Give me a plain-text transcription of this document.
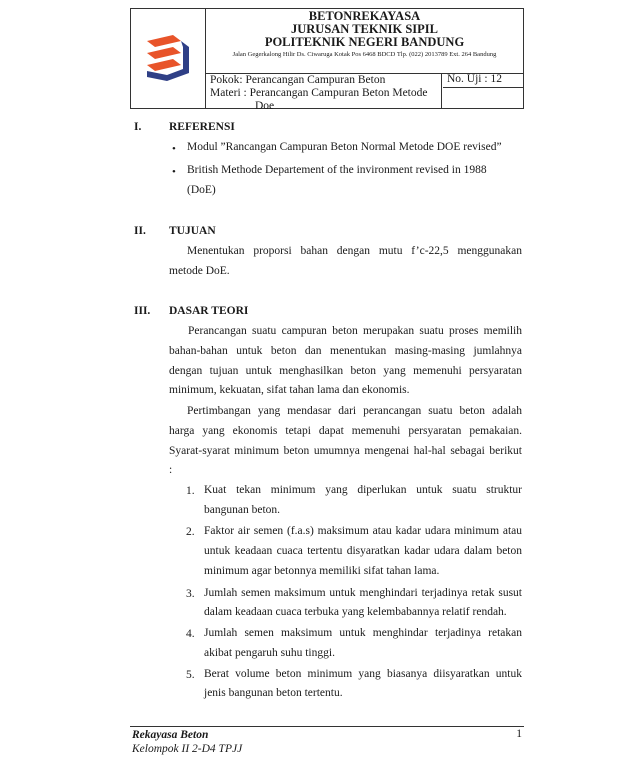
BETONREKAYASA
JURUSAN TEKNIK SIPIL
POLITEKNIK NEGERI BANDUNG
Jalan Gegerkalong Hilir Ds. Ciwaruga Kotak Pos 6468 BDCD Tlp. (022) 2013789 Ext. 264 Bandung
Pokok: Perancangan Campuran Beton
Materi : Perancangan Campuran Beton Metode
Doe
No. Uji : 12
I. REFERENSI
• Modul ”Rancangan Campuran Beton Normal Metode DOE revised”
• British Methode Departement of the invironment revised in 1988
(DoE)
II. TUJUAN
Menentukan proporsi bahan dengan mutu f’c-22,5 menggunakan
metode DoE.
III. DASAR TEORI
Perancangan suatu campuran beton merupakan suatu proses memilih
bahan-bahan untuk beton dan menentukan masing-masing jumlahnya
dengan tujuan untuk menghasilkan beton yang memenuhi persyaratan
minimum, kekuatan, sifat tahan lama dan ekonomis.
Pertimbangan yang mendasar dari perancangan suatu beton adalah
harga yang ekonomis tetapi dapat memenuhi persyaratan pemakaian.
Syarat-syarat minimum beton umumnya mengenai hal-hal sebagai berikut
:
1. Kuat tekan minimum yang diperlukan untuk suatu struktur
bangunan beton.
2. Faktor air semen (f.a.s) maksimum atau kadar udara minimum atau
untuk keadaan cuaca tertentu disyaratkan kadar udara dalam beton
minimum agar betonnya memiliki sifat tahan lama.
3. Jumlah semen maksimum untuk menghindari terjadinya retak susut
dalam keadaan cuaca terbuka yang kelembabannya relatif rendah.
4. Jumlah semen maksimum untuk menghindar terjadinya retakan
akibat pengaruh suhu tinggi.
5. Berat volume beton minimum yang biasanya diisyaratkan untuk
jenis bangunan beton tertentu.
Rekayasa Beton
Kelompok II 2-D4 TPJJ
1
